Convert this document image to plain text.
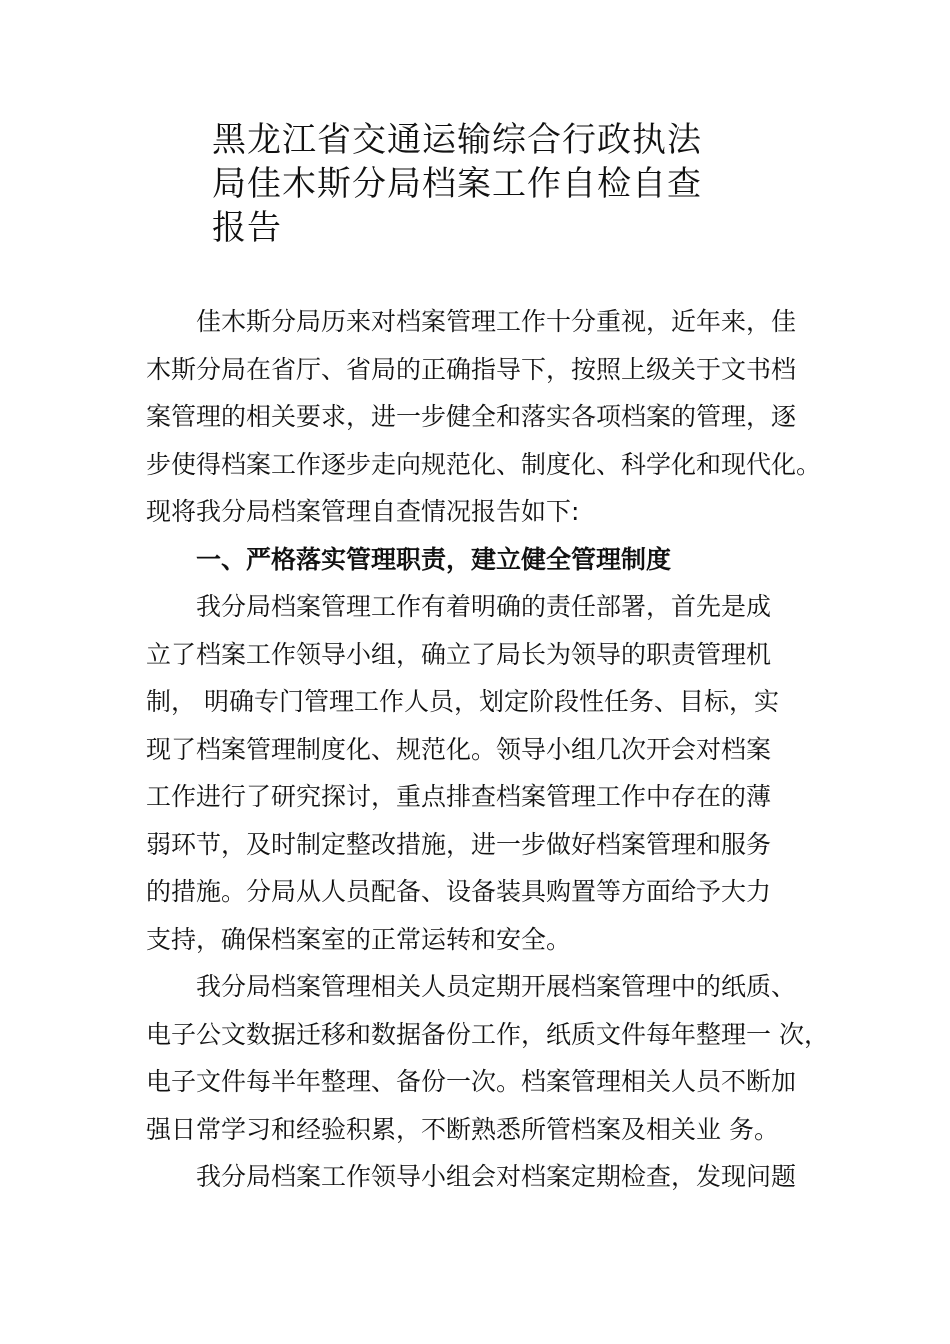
黑龙江省交通运输综合行政执法
局佳木斯分局档案工作自检自查
报告
佳木斯分局历来对档案管理工作十分重视，近年来，佳
木斯分局在省厅、省局的正确指导下，按照上级关于文书档
案管理的相关要求，进一步健全和落实各项档案的管理，逐
步使得档案工作逐步走向规范化、制度化、科学化和现代化。
现将我分局档案管理自查情况报告如下:
一、严格落实管理职责，建立健全管理制度
我分局档案管理工作有着明确的责任部署，首先是成
立了档案工作领导小组，确立了局长为领导的职责管理机
制， 明确专门管理工作人员，划定阶段性任务、目标，实
现了档案管理制度化、规范化。领导小组几次开会对档案
工作进行了研究探讨，重点排查档案管理工作中存在的薄
弱环节，及时制定整改措施，进一步做好档案管理和服务
的措施。分局从人员配备、设备装具购置等方面给予大力
支持，确保档案室的正常运转和安全。
我分局档案管理相关人员定期开展档案管理中的纸质、
电子公文数据迁移和数据备份工作，纸质文件每年整理一 次，
电子文件每半年整理、备份一次。档案管理相关人员不断加
强日常学习和经验积累，不断熟悉所管档案及相关业 务。
我分局档案工作领导小组会对档案定期检查，发现问题
